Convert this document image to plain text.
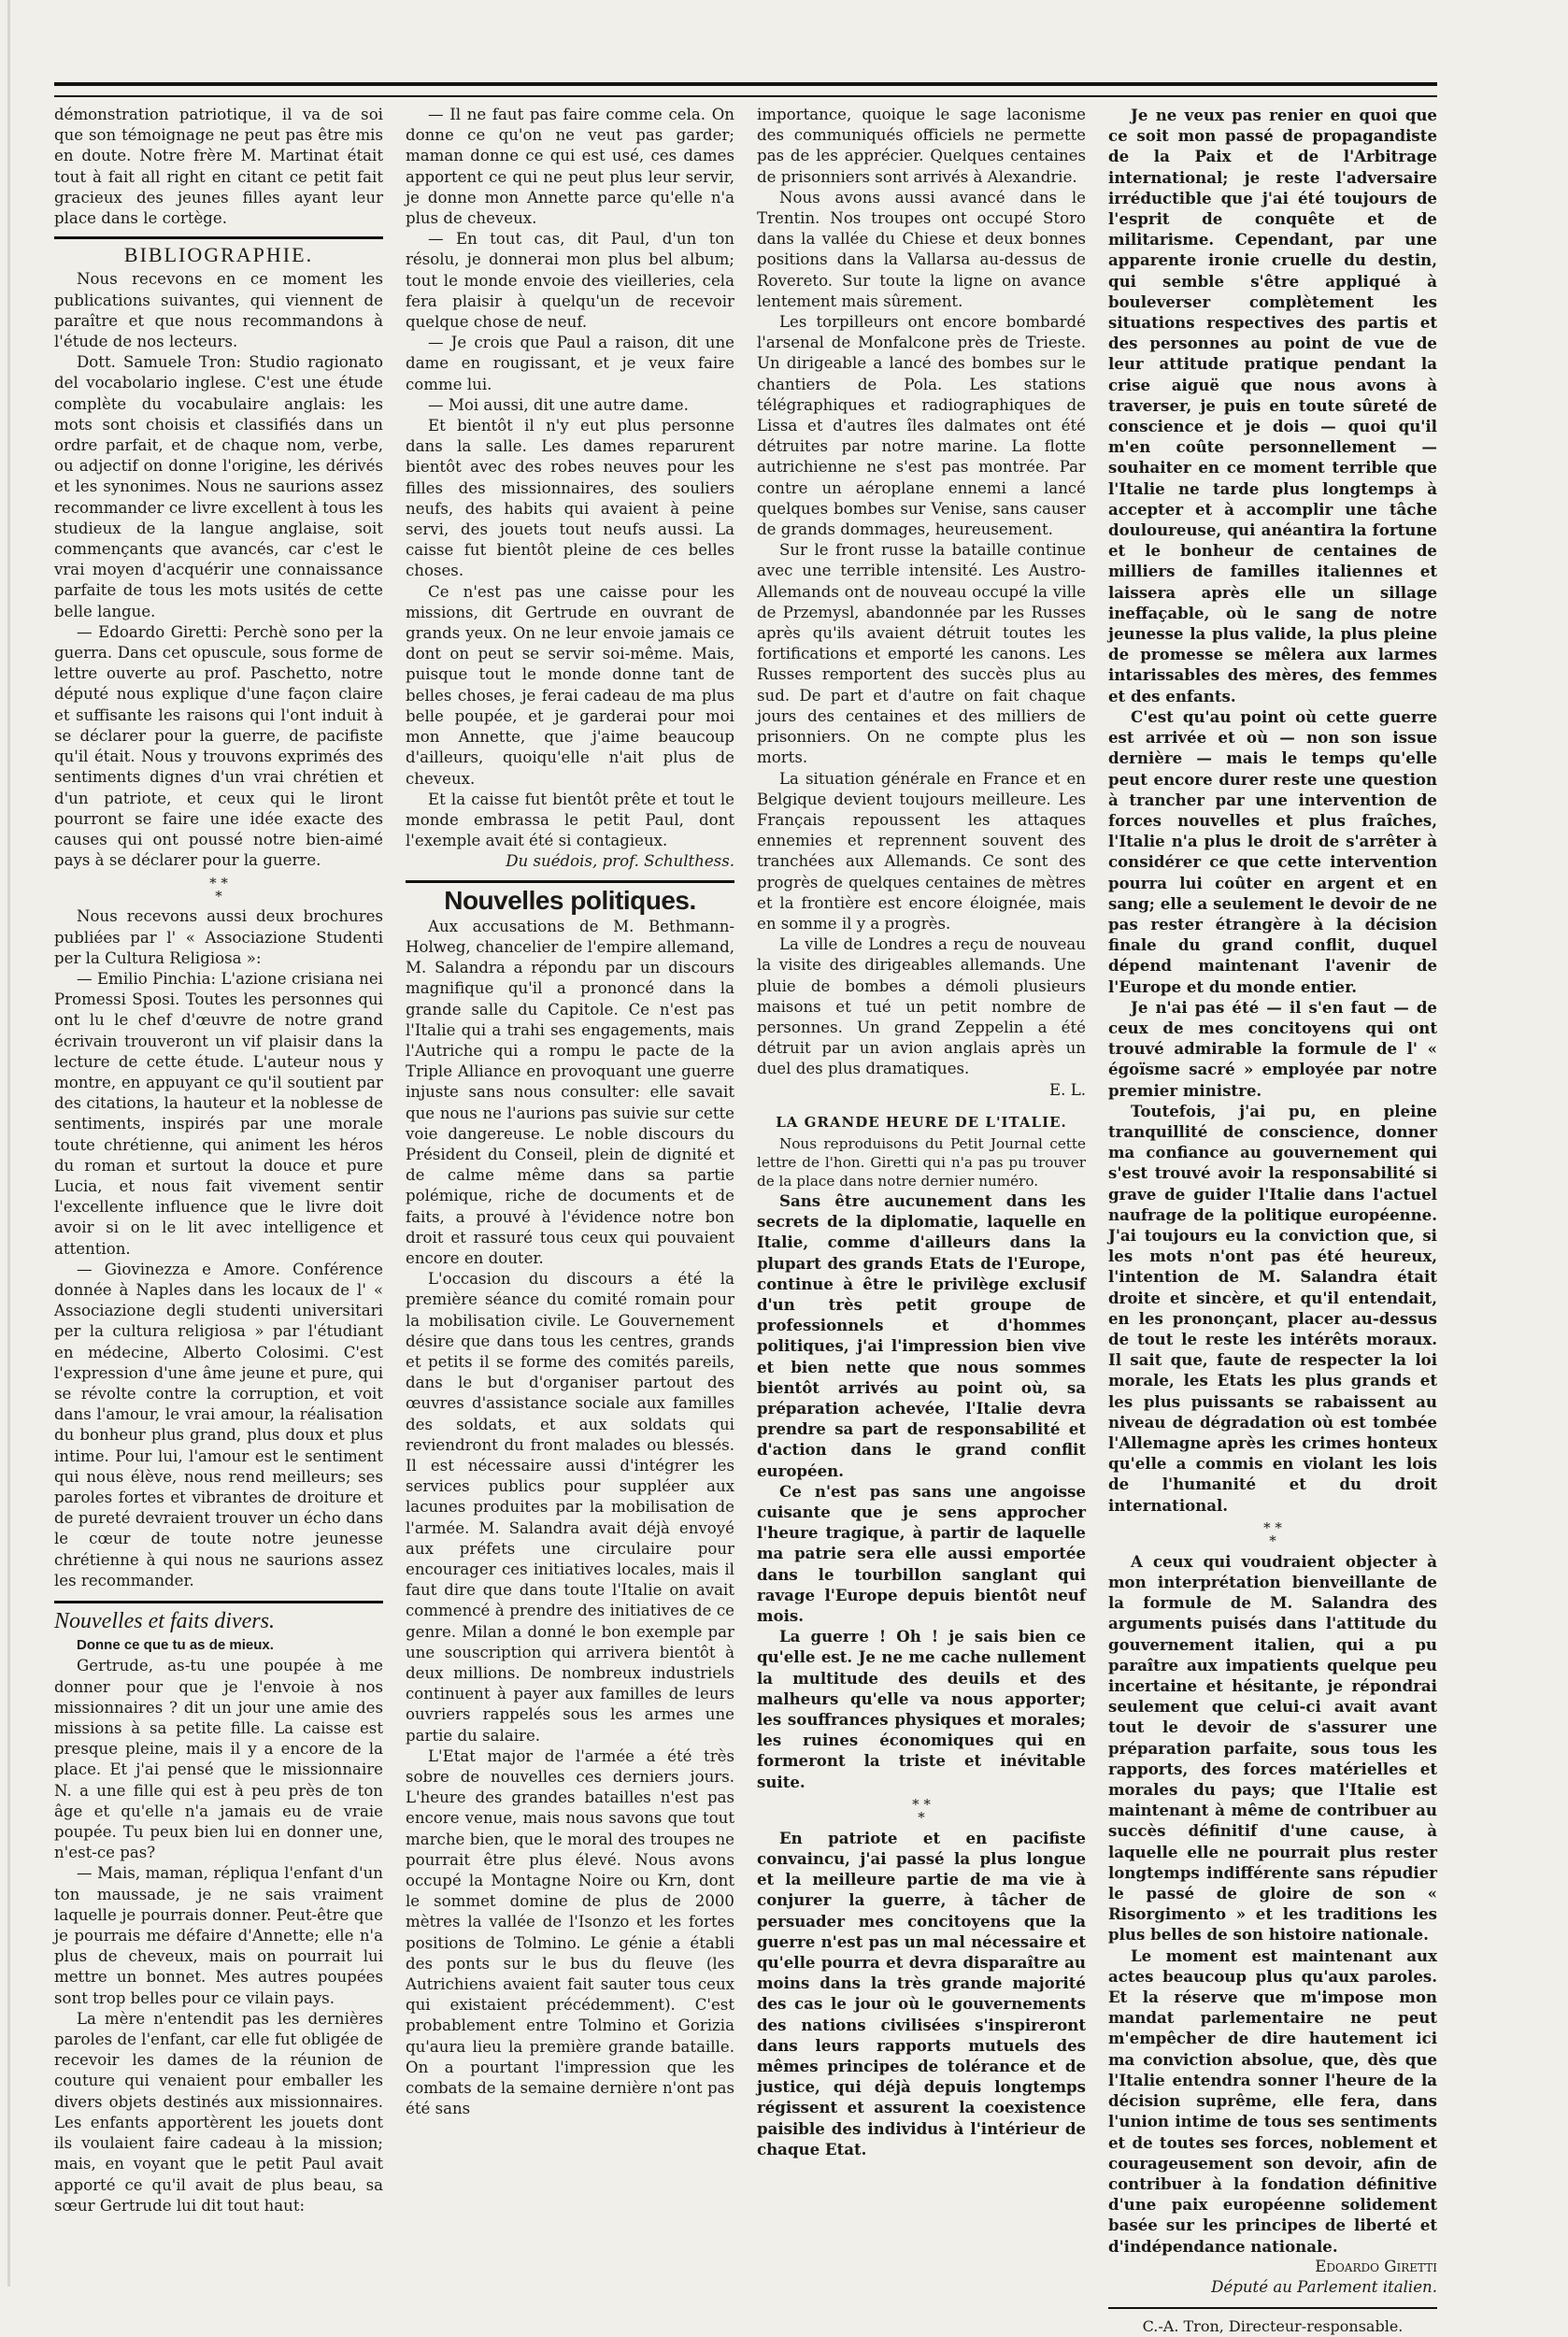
démonstration patriotique, il va de soi que son témoignage ne peut pas être mis en doute. Notre frère M. Martinat était tout à fait all right en citant ce petit fait gracieux des jeunes filles ayant leur place dans le cortège.

BIBLIOGRAPHIE.

Nous recevons en ce moment les publications suivantes, qui viennent de paraître et que nous recommandons à l'étude de nos lecteurs.

Dott. Samuele Tron: Studio ragionato del vocabolario inglese. C'est une étude complète du vocabulaire anglais: les mots sont choisis et classifiés dans un ordre parfait, et de chaque nom, verbe, ou adjectif on donne l'origine, les dérivés et les synonimes. Nous ne saurions assez recommander ce livre excellent à tous les studieux de la langue anglaise, soit commençants que avancés, car c'est le vrai moyen d'acquérir une connaissance parfaite de tous les mots usités de cette belle langue.

— Edoardo Giretti: Perchè sono per la guerra. Dans cet opuscule, sous forme de lettre ouverte au prof. Paschetto, notre député nous explique d'une façon claire et suffisante les raisons qui l'ont induit à se déclarer pour la guerre, de pacifiste qu'il était. Nous y trouvons exprimés des sentiments dignes d'un vrai chrétien et d'un patriote, et ceux qui le liront pourront se faire une idée exacte des causes qui ont poussé notre bien-aimé pays à se déclarer pour la guerre.

* *
*

Nous recevons aussi deux brochures publiées par l' « Associazione Studenti per la Cultura Religiosa »:

— Emilio Pinchia: L'azione crisiana nei Promessi Sposi. Toutes les personnes qui ont lu le chef d'œuvre de notre grand écrivain trouveront un vif plaisir dans la lecture de cette étude. L'auteur nous y montre, en appuyant ce qu'il soutient par des citations, la hauteur et la noblesse de sentiments, inspirés par une morale toute chrétienne, qui animent les héros du roman et surtout la douce et pure Lucia, et nous fait vivement sentir l'excellente influence que le livre doit avoir si on le lit avec intelligence et attention.

— Giovinezza e Amore. Conférence donnée à Naples dans les locaux de l' « Associazione degli studenti universitari per la cultura religiosa » par l'étudiant en médecine, Alberto Colosimi. C'est l'expression d'une âme jeune et pure, qui se révolte contre la corruption, et voit dans l'amour, le vrai amour, la réalisation du bonheur plus grand, plus doux et plus intime. Pour lui, l'amour est le sentiment qui nous élève, nous rend meilleurs; ses paroles fortes et vibrantes de droiture et de pureté devraient trouver un écho dans le cœur de toute notre jeunesse chrétienne à qui nous ne saurions assez les recommander.

Nouvelles et faits divers.

Donne ce que tu as de mieux.

Gertrude, as-tu une poupée à me donner pour que je l'envoie à nos missionnaires ? dit un jour une amie des missions à sa petite fille. La caisse est presque pleine, mais il y a encore de la place. Et j'ai pensé que le missionnaire N. a une fille qui est à peu près de ton âge et qu'elle n'a jamais eu de vraie poupée. Tu peux bien lui en donner une, n'est-ce pas?

— Mais, maman, répliqua l'enfant d'un ton maussade, je ne sais vraiment laquelle je pourrais donner. Peut-être que je pourrais me défaire d'Annette; elle n'a plus de cheveux, mais on pourrait lui mettre un bonnet. Mes autres poupées sont trop belles pour ce vilain pays.

La mère n'entendit pas les dernières paroles de l'enfant, car elle fut obligée de recevoir les dames de la réunion de couture qui venaient pour emballer les divers objets destinés aux missionnaires. Les enfants apportèrent les jouets dont ils voulaient faire cadeau à la mission; mais, en voyant que le petit Paul avait apporté ce qu'il avait de plus beau, sa sœur Gertrude lui dit tout haut:

— Il ne faut pas faire comme cela. On donne ce qu'on ne veut pas garder; maman donne ce qui est usé, ces dames apportent ce qui ne peut plus leur servir, je donne mon Annette parce qu'elle n'a plus de cheveux.

— En tout cas, dit Paul, d'un ton résolu, je donnerai mon plus bel album; tout le monde envoie des vieilleries, cela fera plaisir à quelqu'un de recevoir quelque chose de neuf.

— Je crois que Paul a raison, dit une dame en rougissant, et je veux faire comme lui.

— Moi aussi, dit une autre dame.

Et bientôt il n'y eut plus personne dans la salle. Les dames reparurent bientôt avec des robes neuves pour les filles des missionnaires, des souliers neufs, des habits qui avaient à peine servi, des jouets tout neufs aussi. La caisse fut bientôt pleine de ces belles choses.

Ce n'est pas une caisse pour les missions, dit Gertrude en ouvrant de grands yeux. On ne leur envoie jamais ce dont on peut se servir soi-même. Mais, puisque tout le monde donne tant de belles choses, je ferai cadeau de ma plus belle poupée, et je garderai pour moi mon Annette, que j'aime beaucoup d'ailleurs, quoiqu'elle n'ait plus de cheveux.

Et la caisse fut bientôt prête et tout le monde embrassa le petit Paul, dont l'exemple avait été si contagieux.

Du suédois, prof. Schulthess.

Nouvelles politiques.

Aux accusations de M. Bethmann-Holweg, chancelier de l'empire allemand, M. Salandra a répondu par un discours magnifique qu'il a prononcé dans la grande salle du Capitole. Ce n'est pas l'Italie qui a trahi ses engagements, mais l'Autriche qui a rompu le pacte de la Triple Alliance en provoquant une guerre injuste sans nous consulter: elle savait que nous ne l'aurions pas suivie sur cette voie dangereuse. Le noble discours du Président du Conseil, plein de dignité et de calme même dans sa partie polémique, riche de documents et de faits, a prouvé à l'évidence notre bon droit et rassuré tous ceux qui pouvaient encore en douter.

L'occasion du discours a été la première séance du comité romain pour la mobilisation civile. Le Gouvernement désire que dans tous les centres, grands et petits il se forme des comités pareils, dans le but d'organiser partout des œuvres d'assistance sociale aux familles des soldats, et aux soldats qui reviendront du front malades ou blessés. Il est nécessaire aussi d'intégrer les services publics pour suppléer aux lacunes produites par la mobilisation de l'armée. M. Salandra avait déjà envoyé aux préfets une circulaire pour encourager ces initiatives locales, mais il faut dire que dans toute l'Italie on avait commencé à prendre des initiatives de ce genre. Milan a donné le bon exemple par une souscription qui arrivera bientôt à deux millions. De nombreux industriels continuent à payer aux familles de leurs ouvriers rappelés sous les armes une partie du salaire.

L'Etat major de l'armée a été très sobre de nouvelles ces derniers jours. L'heure des grandes batailles n'est pas encore venue, mais nous savons que tout marche bien, que le moral des troupes ne pourrait être plus élevé. Nous avons occupé la Montagne Noire ou Krn, dont le sommet domine de plus de 2000 mètres la vallée de l'Isonzo et les fortes positions de Tolmino. Le génie a établi des ponts sur le bus du fleuve (les Autrichiens avaient fait sauter tous ceux qui existaient précédemment). C'est probablement entre Tolmino et Gorizia qu'aura lieu la première grande bataille. On a pourtant l'impression que les combats de la semaine dernière n'ont pas été sans

importance, quoique le sage laconisme des communiqués officiels ne permette pas de les apprécier. Quelques centaines de prisonniers sont arrivés à Alexandrie.

Nous avons aussi avancé dans le Trentin. Nos troupes ont occupé Storo dans la vallée du Chiese et deux bonnes positions dans la Vallarsa au-dessus de Rovereto. Sur toute la ligne on avance lentement mais sûrement.

Les torpilleurs ont encore bombardé l'arsenal de Monfalcone près de Trieste. Un dirigeable a lancé des bombes sur le chantiers de Pola. Les stations télégraphiques et radiographiques de Lissa et d'autres îles dalmates ont été détruites par notre marine. La flotte autrichienne ne s'est pas montrée. Par contre un aéroplane ennemi a lancé quelques bombes sur Venise, sans causer de grands dommages, heureusement.

Sur le front russe la bataille continue avec une terrible intensité. Les Austro-Allemands ont de nouveau occupé la ville de Przemysl, abandonnée par les Russes après qu'ils avaient détruit toutes les fortifications et emporté les canons. Les Russes remportent des succès plus au sud. De part et d'autre on fait chaque jours des centaines et des milliers de prisonniers. On ne compte plus les morts.

La situation générale en France et en Belgique devient toujours meilleure. Les Français repoussent les attaques ennemies et reprennent souvent des tranchées aux Allemands. Ce sont des progrès de quelques centaines de mètres et la frontière est encore éloignée, mais en somme il y a progrès.

La ville de Londres a reçu de nouveau la visite des dirigeables allemands. Une pluie de bombes a démoli plusieurs maisons et tué un petit nombre de personnes. Un grand Zeppelin a été détruit par un avion anglais après un duel des plus dramatiques.

E. L.

LA GRANDE HEURE DE L'ITALIE.

Nous reproduisons du Petit Journal cette lettre de l'hon. Giretti qui n'a pas pu trouver de la place dans notre dernier numéro.

Sans être aucunement dans les secrets de la diplomatie, laquelle en Italie, comme d'ailleurs dans la plupart des grands Etats de l'Europe, continue à être le privilège exclusif d'un très petit groupe de professionnels et d'hommes politiques, j'ai l'impression bien vive et bien nette que nous sommes bientôt arrivés au point où, sa préparation achevée, l'Italie devra prendre sa part de responsabilité et d'action dans le grand conflit européen.

Ce n'est pas sans une angoisse cuisante que je sens approcher l'heure tragique, à partir de laquelle ma patrie sera elle aussi emportée dans le tourbillon sanglant qui ravage l'Europe depuis bientôt neuf mois.

La guerre ! Oh ! je sais bien ce qu'elle est. Je ne me cache nullement la multitude des deuils et des malheurs qu'elle va nous apporter; les souffrances physiques et morales; les ruines économiques qui en formeront la triste et inévitable suite.

* *
*

En patriote et en pacifiste convaincu, j'ai passé la plus longue et la meilleure partie de ma vie à conjurer la guerre, à tâcher de persuader mes concitoyens que la guerre n'est pas un mal nécessaire et qu'elle pourra et devra disparaître au moins dans la très grande majorité des cas le jour où le gouvernements des nations civilisées s'inspireront dans leurs rapports mutuels des mêmes principes de tolérance et de justice, qui déjà depuis longtemps régissent et assurent la coexistence paisible des individus à l'intérieur de chaque Etat.

Je ne veux pas renier en quoi que ce soit mon passé de propagandiste de la Paix et de l'Arbitrage international; je reste l'adversaire irréductible que j'ai été toujours de l'esprit de conquête et de militarisme. Cependant, par une apparente ironie cruelle du destin, qui semble s'être appliqué à bouleverser complètement les situations respectives des partis et des personnes au point de vue de leur attitude pratique pendant la crise aiguë que nous avons à traverser, je puis en toute sûreté de conscience et je dois — quoi qu'il m'en coûte personnellement — souhaiter en ce moment terrible que l'Italie ne tarde plus longtemps à accepter et à accomplir une tâche douloureuse, qui anéantira la fortune et le bonheur de centaines de milliers de familles italiennes et laissera après elle un sillage ineffaçable, où le sang de notre jeunesse la plus valide, la plus pleine de promesse se mêlera aux larmes intarissables des mères, des femmes et des enfants.

C'est qu'au point où cette guerre est arrivée et où — non son issue dernière — mais le temps qu'elle peut encore durer reste une question à trancher par une intervention de forces nouvelles et plus fraîches, l'Italie n'a plus le droit de s'arrêter à considérer ce que cette intervention pourra lui coûter en argent et en sang; elle a seulement le devoir de ne pas rester étrangère à la décision finale du grand conflit, duquel dépend maintenant l'avenir de l'Europe et du monde entier.

Je n'ai pas été — il s'en faut — de ceux de mes concitoyens qui ont trouvé admirable la formule de l' « égoïsme sacré » employée par notre premier ministre.

Toutefois, j'ai pu, en pleine tranquillité de conscience, donner ma confiance au gouvernement qui s'est trouvé avoir la responsabilité si grave de guider l'Italie dans l'actuel naufrage de la politique européenne. J'ai toujours eu la conviction que, si les mots n'ont pas été heureux, l'intention de M. Salandra était droite et sincère, et qu'il entendait, en les prononçant, placer au-dessus de tout le reste les intérêts moraux. Il sait que, faute de respecter la loi morale, les Etats les plus grands et les plus puissants se rabaissent au niveau de dégradation où est tombée l'Allemagne après les crimes honteux qu'elle a commis en violant les lois de l'humanité et du droit international.

* *
*

A ceux qui voudraient objecter à mon interprétation bienveillante de la formule de M. Salandra des arguments puisés dans l'attitude du gouvernement italien, qui a pu paraître aux impatients quelque peu incertaine et hésitante, je répondrai seulement que celui-ci avait avant tout le devoir de s'assurer une préparation parfaite, sous tous les rapports, des forces matérielles et morales du pays; que l'Italie est maintenant à même de contribuer au succès définitif d'une cause, à laquelle elle ne pourrait plus rester longtemps indifférente sans répudier le passé de gloire de son « Risorgimento » et les traditions les plus belles de son histoire nationale.

Le moment est maintenant aux actes beaucoup plus qu'aux paroles. Et la réserve que m'impose mon mandat parlementaire ne peut m'empêcher de dire hautement ici ma conviction absolue, que, dès que l'Italie entendra sonner l'heure de la décision suprême, elle fera, dans l'union intime de tous ses sentiments et de toutes ses forces, noblement et courageusement son devoir, afin de contribuer à la fondation définitive d'une paix européenne solidement basée sur les principes de liberté et d'indépendance nationale.

Edoardo Giretti

Député au Parlement italien.

C.-A. Tron, Directeur-responsable.
